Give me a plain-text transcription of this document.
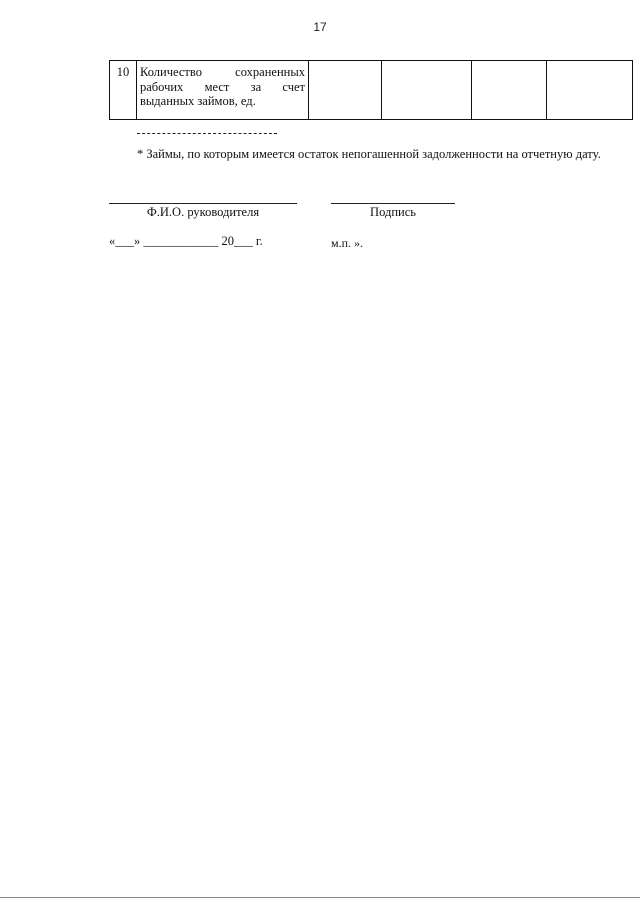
17
10	Количество сохраненных
рабочих мест за счет
выданных займов, ед.

* Займы, по которым имеется остаток непогашенной задолженности на отчетную дату.
Ф.И.О. руководителя	Подпись
«___» ____________ 20___ г.	м.п. ».
